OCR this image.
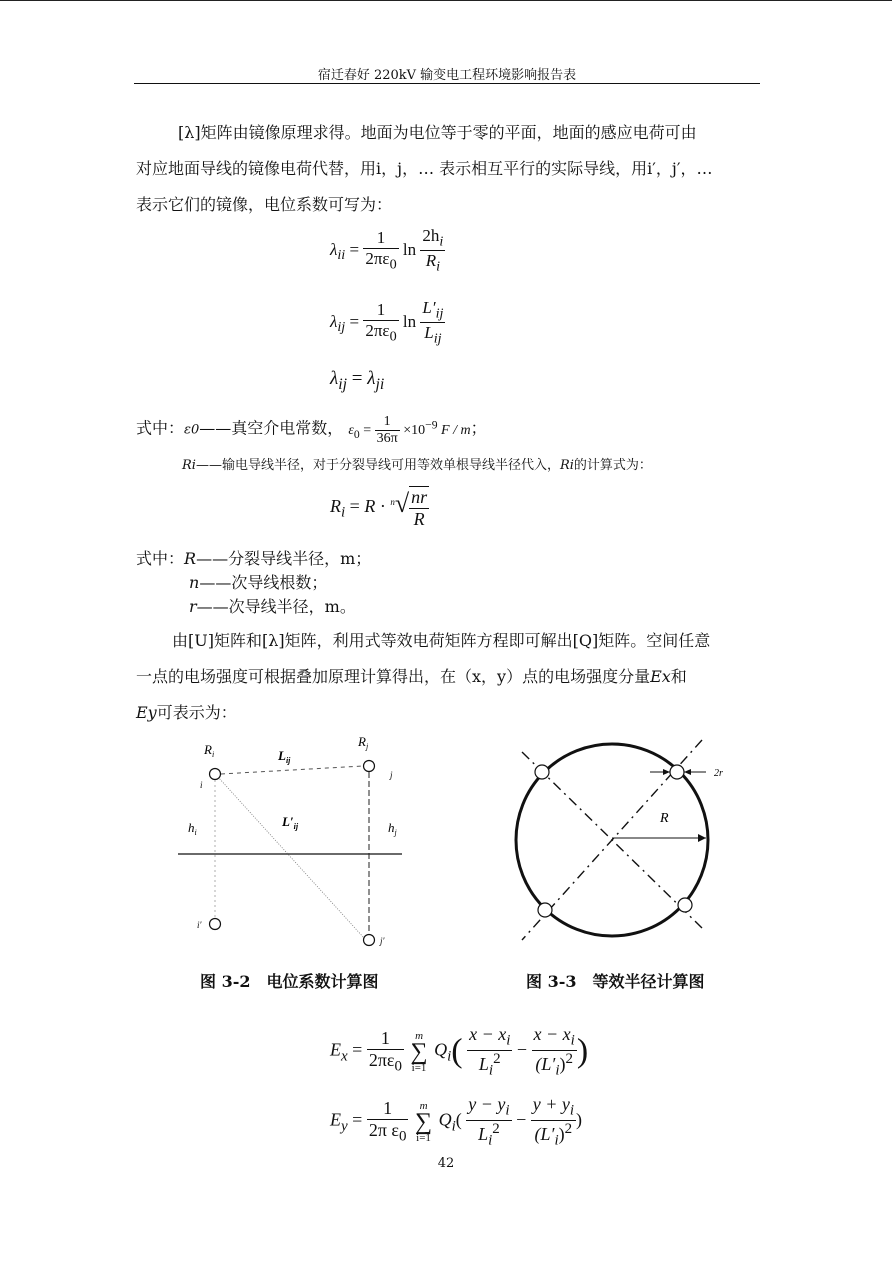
宿迁春好 220kV 输变电工程环境影响报告表
[λ]矩阵由镜像原理求得。地面为电位等于零的平面，地面的感应电荷可由
对应地面导线的镜像电荷代替，用i，j，… 表示相互平行的实际导线，用i′，j′，…
表示它们的镜像，电位系数可写为：
$\lambda_{ii} = \frac{1}{2\pi\varepsilon_0}$ $\ln \frac{2h_i}{R_i}$
$\lambda_{ij} = \frac{1}{2\pi\varepsilon_0}$ $\ln \frac{L'_{ij}}{L_{ij}}$
$\lambda_{ij} = \lambda_{ji}$
式中：ε0——真空介电常数， $\varepsilon_0 = \frac{1}{36\pi} \times 10^{-9}$ F / m；
Ri——输电导线半径，对于分裂导线可用等效单根导线半径代入，Ri的计算式为：
$R_i = R \cdot ^n√ \frac{nr}{R}$
式中：R——分裂导线半径，m；
n——次导线根数；
r——次导线半径，m。
由[U]矩阵和[λ]矩阵，利用式等效电荷矩阵方程即可解出[Q]矩阵。空间任意
一点的电场强度可根据叠加原理计算得出，在（x，y）点的电场强度分量Ex和
Ey可表示为：
$R_i$
$R_j$
$L_{ij}$
$L'_{ij}$
$h_i$	$h_j$
i
j
i′
j′
R
2r
图 3-2　电位系数计算图	图 3-3　等效半径计算图
$E_x = \frac{1}{2\pi\varepsilon_0}$
	m
∑
i=1
$Q_i( \frac{x - x_i}{L_i^2} - \frac{x - x_i}{(L'_i)^2}$ )
$E_y = \frac{1}{2\pi \varepsilon_0}$
	m
∑
i=1
$Q_i( \frac{y - y_i}{L_i^2} - \frac{y + y_i}{(L'_i)^2}$ )
42
